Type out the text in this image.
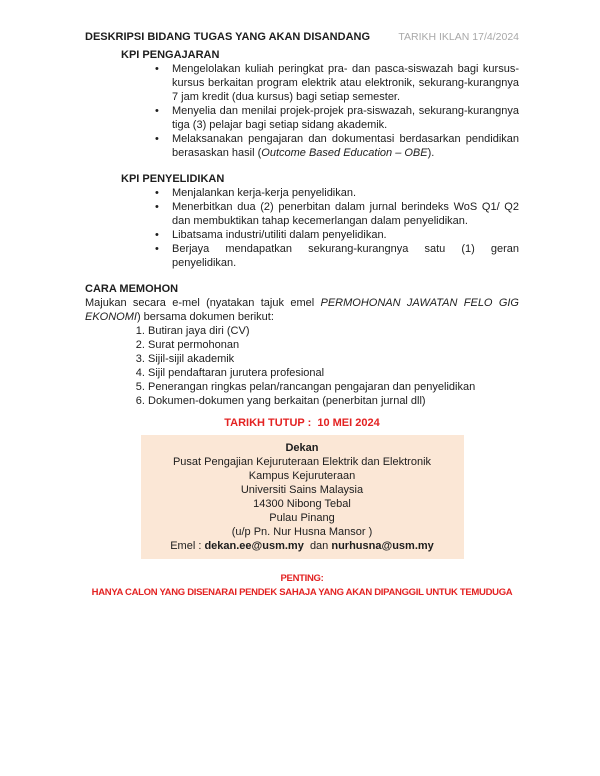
DESKRIPSI BIDANG TUGAS YANG AKAN DISANDANG	TARIKH IKLAN 17/4/2024
KPI PENGAJARAN
• Mengelolakan kuliah peringkat pra- dan pasca-siswazah bagi kursus-kursus berkaitan program elektrik atau elektronik, sekurang-kurangnya 7 jam kredit (dua kursus) bagi setiap semester.
• Menyelia dan menilai projek-projek pra-siswazah, sekurang-kurangnya tiga (3) pelajar bagi setiap sidang akademik.
• Melaksanakan pengajaran dan dokumentasi berdasarkan pendidikan berasaskan hasil (Outcome Based Education – OBE).
KPI PENYELIDIKAN
• Menjalankan kerja-kerja penyelidikan.
• Menerbitkan dua (2) penerbitan dalam jurnal berindeks WoS Q1/ Q2 dan membuktikan tahap kecemerlangan dalam penyelidikan.
• Libatsama industri/utiliti dalam penyelidikan.
• Berjaya mendapatkan sekurang-kurangnya satu (1) geran penyelidikan.
CARA MEMOHON

Majukan secara e-mel (nyatakan tajuk emel PERMOHONAN JAWATAN FELO GIG EKONOMI) bersama dokumen berikut:

1. Butiran jaya diri (CV)
2. Surat permohonan
3. Sijil-sijil akademik
4. Sijil pendaftaran jurutera profesional
5. Penerangan ringkas pelan/rancangan pengajaran dan penyelidikan
6. Dokumen-dokumen yang berkaitan (penerbitan jurnal dll)
TARIKH TUTUP :  10 MEI 2024
Dekan
Pusat Pengajian Kejuruteraan Elektrik dan Elektronik
Kampus Kejuruteraan
Universiti Sains Malaysia
14300 Nibong Tebal
Pulau Pinang
(u/p Pn. Nur Husna Mansor )
Emel : dekan.ee@usm.my  dan nurhusna@usm.my
PENTING:
HANYA CALON YANG DISENARAI PENDEK SAHAJA YANG AKAN DIPANGGIL UNTUK TEMUDUGA
